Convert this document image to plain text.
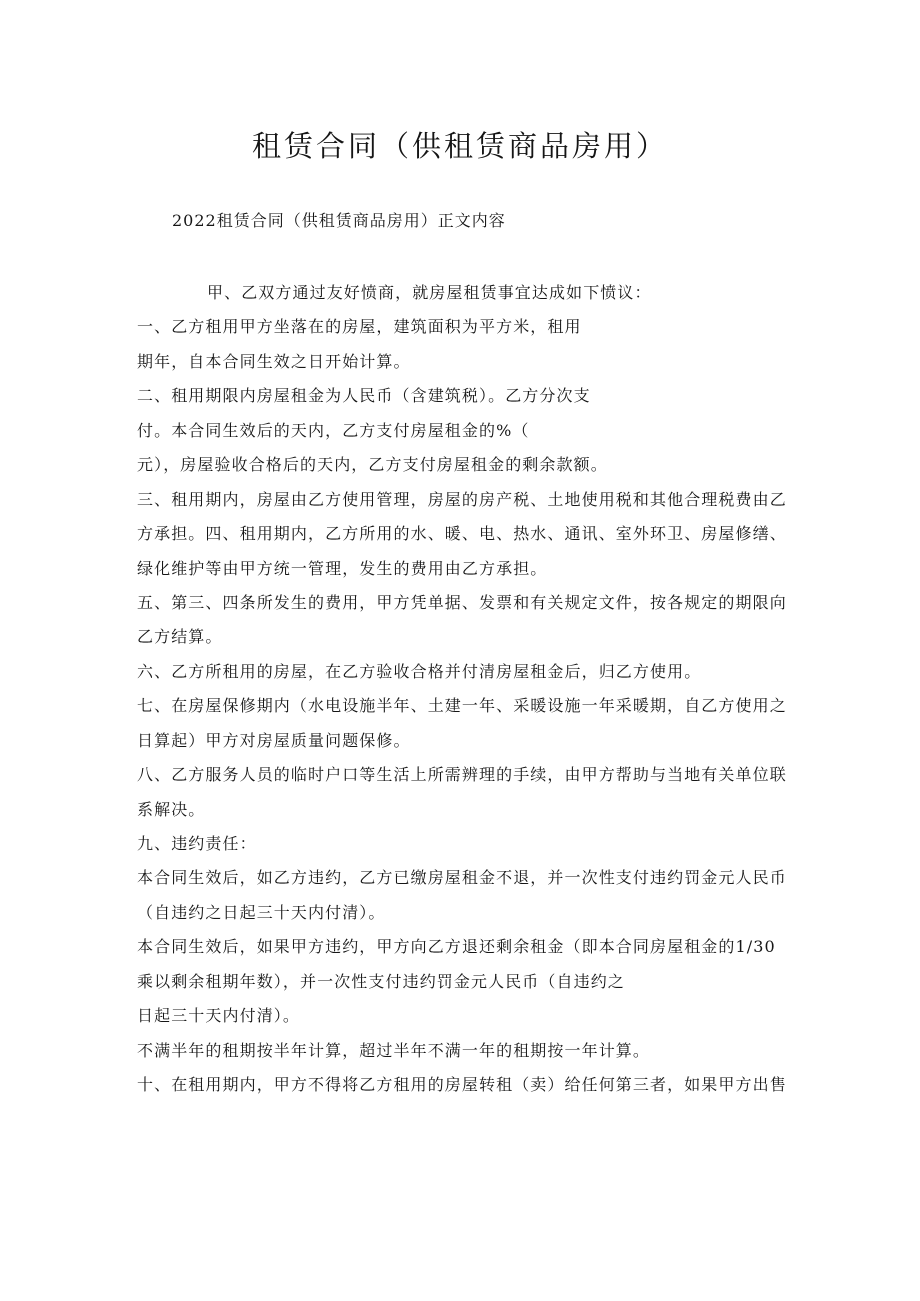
租赁合同（供租赁商品房用）
2022租赁合同（供租赁商品房用）正文内容
甲、乙双方通过友好愤商，就房屋租赁事宜达成如下愤议：
一、乙方租用甲方坐落在的房屋，建筑面积为平方米，租用
期年，自本合同生效之日开始计算。
二、租用期限内房屋租金为人民币（含建筑税）。乙方分次支
付。本合同生效后的天内，乙方支付房屋租金的%（
元），房屋验收合格后的天内，乙方支付房屋租金的剩余款额。
三、租用期内，房屋由乙方使用管理，房屋的房产税、土地使用税和其他合理税费由乙
方承担。四、租用期内，乙方所用的水、暖、电、热水、通讯、室外环卫、房屋修缮、
绿化维护等由甲方统一管理，发生的费用由乙方承担。
五、第三、四条所发生的费用，甲方凭单据、发票和有关规定文件，按各规定的期限向
乙方结算。
六、乙方所租用的房屋，在乙方验收合格并付清房屋租金后，归乙方使用。
七、在房屋保修期内（水电设施半年、土建一年、采暖设施一年采暖期，自乙方使用之
日算起）甲方对房屋质量问题保修。
八、乙方服务人员的临时户口等生活上所需辨理的手续，由甲方帮助与当地有关单位联
系解决。
九、违约责任：
本合同生效后，如乙方违约，乙方已缴房屋租金不退，并一次性支付违约罚金元人民币
（自违约之日起三十天内付清）。
本合同生效后，如果甲方违约，甲方向乙方退还剩余租金（即本合同房屋租金的1/30
乘以剩余租期年数），并一次性支付违约罚金元人民币（自违约之
日起三十天内付清）。
不满半年的租期按半年计算，超过半年不满一年的租期按一年计算。
十、在租用期内，甲方不得将乙方租用的房屋转租（卖）给任何第三者，如果甲方出售
